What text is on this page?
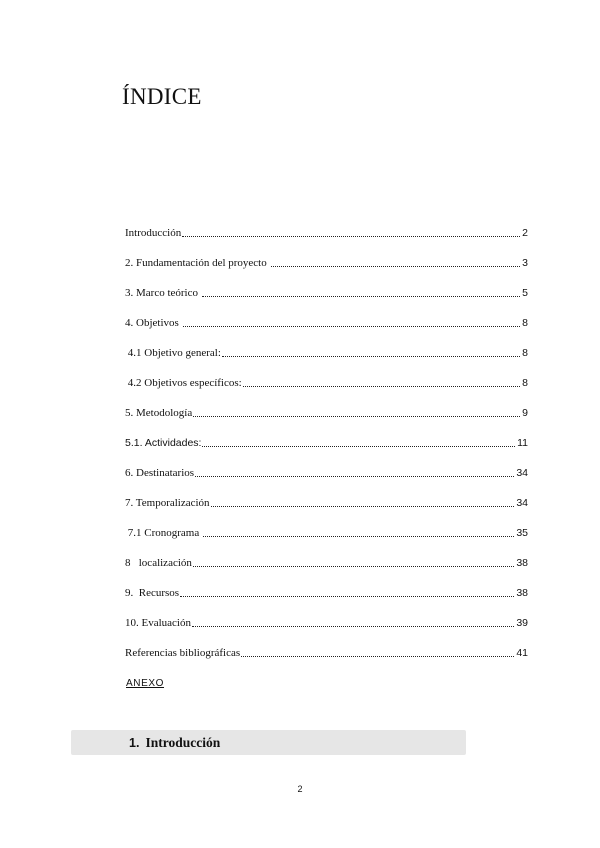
ÍNDICE
Introducción	2
2. Fundamentación del proyecto	3
3. Marco teórico	5
4. Objetivos	8
4.1 Objetivo general:	8
4.2 Objetivos específicos:	8
5. Metodología	9
5.1. Actividades:	11
6. Destinatarios	34
7. Temporalización	34
7.1 Cronograma	35
8   localización	38
9.  Recursos	38
10. Evaluación	39
Referencias bibliográficas	41
ANEXO
1. Introducción
2
